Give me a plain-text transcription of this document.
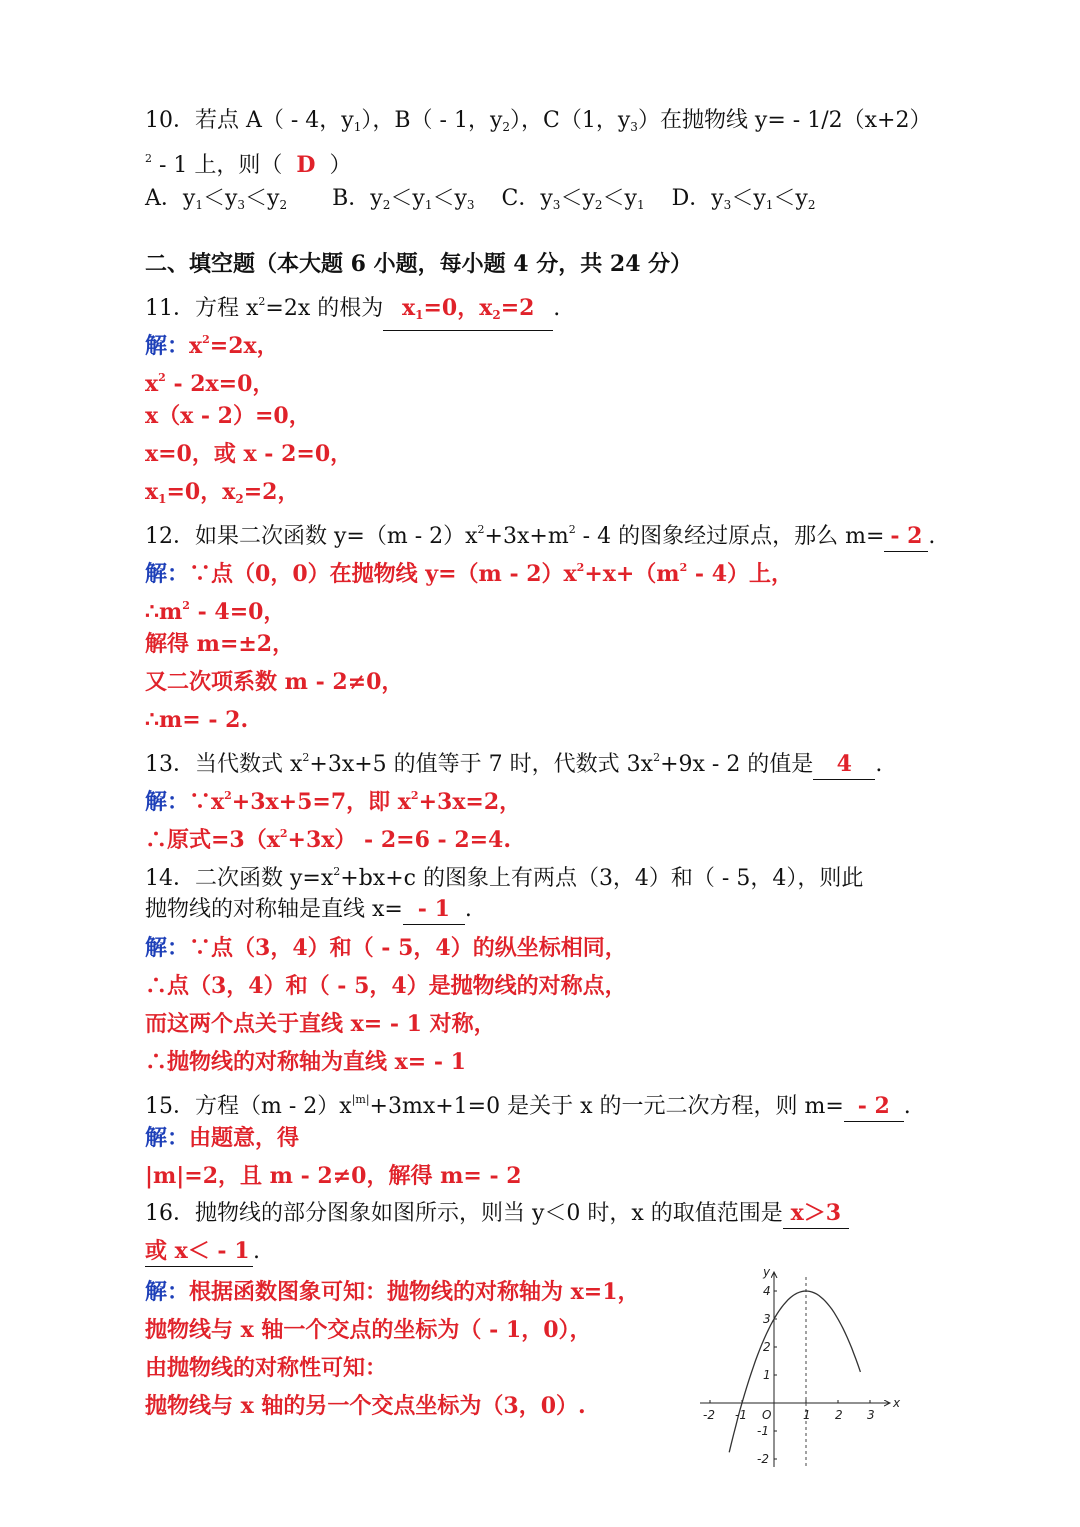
10．若点 A（ - 4，$y_1$），B（ - 1，$y_2$），C（1，$y_3$）在抛物线 y= - 1/2（x+2）
$^2$ - 1 上，则（ D ）
A．$y_1<y_3<y_2$ B．$y_2<y_1<y_3$ C．$y_3<y_2<y_1$ D．$y_3<y_1<y_2$
二、填空题（本大题 6 小题，每小题 4 分，共 24 分）
11．方程 $x^2=2x$ 的根为 $x_1=0$，$x_2=2$ .
解：$x^2=2x$，
$x^2 - 2x=0$，
x（x - 2）=0，
x=0，或 x - 2=0，
$x_1=0$，$x_2=2$，
12．如果二次函数 $y=(m - 2)x^2+3x+m^2 - 4$ 的图象经过原点，那么 m=- 2 .
解：∵点（0，0）在抛物线 $y=(m - 2)x^2+x+(m^2 - 4)$上，
$\therefore m^2 - 4=0$，
解得 m=±2，
又二次项系数 m - 2≠0，
∴m= - 2.
13．当代数式 $x^2+3x+5$ 的值等于 7 时，代数式 $3x^2+9x - 2$ 的值是 4 .
解：$\because x^2+3x+5=7$，即 $x^2+3x=2$，
∴原式$=3(x^2+3x) - 2=6 - 2=4$.
14．二次函数 $y=x^2+bx+c$ 的图象上有两点（3，4）和（ - 5，4），则此
抛物线的对称轴是直线 x=- 1 .
解：∵点（3，4）和（ - 5，4）的纵坐标相同，
∴点（3，4）和（ - 5，4）是抛物线的对称点，
而这两个点关于直线 x= - 1 对称，
∴抛物线的对称轴为直线 x= - 1
15．方程$(m - 2)x^{|m|}+3mx+1=0$ 是关于 x 的一元二次方程，则 m=- 2 .
解：由题意，得
|m|=2，且 m - 2≠0，解得 m= - 2
16．抛物线的部分图象如图所示，则当 y＜0 时，x 的取值范围是 x＞3
或 x＜ - 1 .
解：根据函数图象可知：抛物线的对称轴为 x=1，
抛物线与 x 轴一个交点的坐标为（ - 1，0），
由抛物线的对称性可知：
抛物线与 x 轴的另一个交点坐标为（3，0）.	x
y
O
-2 -1	1 2 3
4
3
2
1
-1
-2
